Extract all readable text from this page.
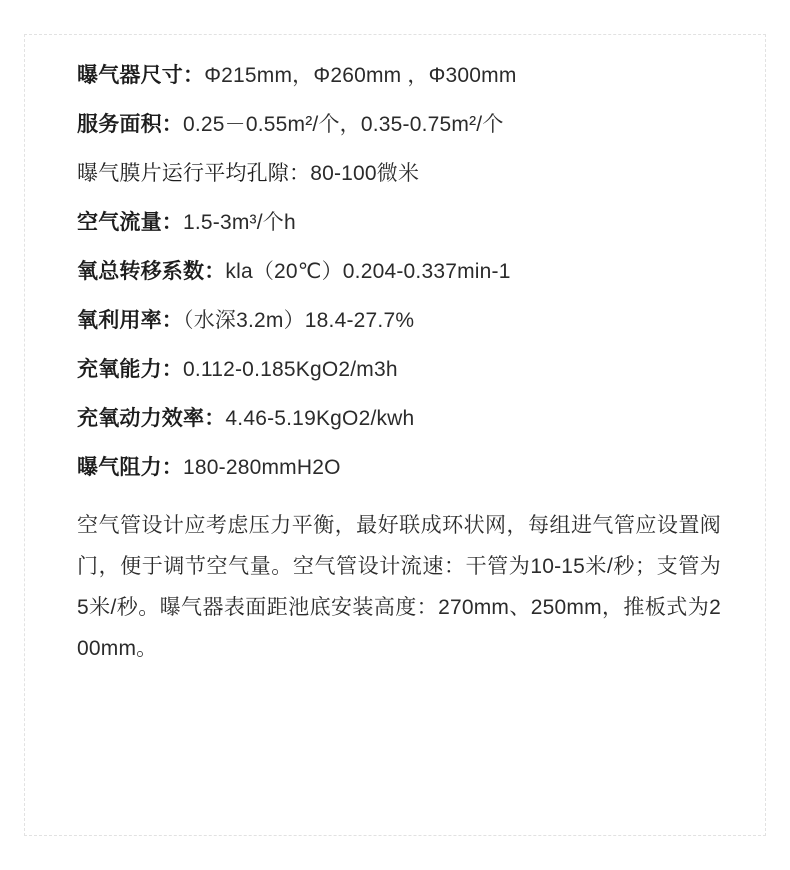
曝气器尺寸：Φ215mm，Φ260mm ，Φ300mm
服务面积：0.25－0.55m²/个，0.35-0.75m²/个
曝气膜片运行平均孔隙：80-100微米
空气流量：1.5-3m³/个h
氧总转移系数：kla（20℃）0.204-0.337min-1
氧利用率：（水深3.2m）18.4-27.7%
充氧能力：0.112-0.185KgO2/m3h
充氧动力效率：4.46-5.19KgO2/kwh
曝气阻力：180-280mmH2O

空气管设计应考虑压力平衡，最好联成环状网，每组进气管应设置阀门，便于调节空气量。空气管设计流速：干管为10-15米/秒；支管为5米/秒。曝气器表面距池底安装高度：270mm、250mm，推板式为200mm。
